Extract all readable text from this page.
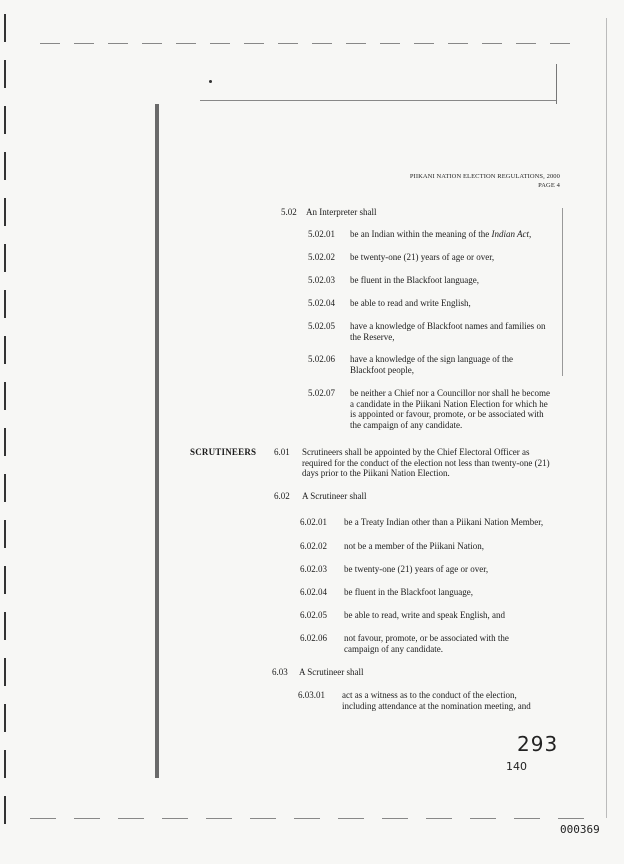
PIIKANI NATION ELECTION REGULATIONS, 2000
PAGE 4
5.02 An Interpreter shall
5.02.01 be an Indian within the meaning of the Indian Act,
5.02.02 be twenty-one (21) years of age or over,
5.02.03 be fluent in the Blackfoot language,
5.02.04 be able to read and write English,
5.02.05 have a knowledge of Blackfoot names and families on the Reserve,
5.02.06 have a knowledge of the sign language of the Blackfoot people,
5.02.07 be neither a Chief nor a Councillor nor shall he become a candidate in the Piikani Nation Election for which he is appointed or favour, promote, or be associated with the campaign of any candidate.
SCRUTINEERS 6.01 Scrutineers shall be appointed by the Chief Electoral Officer as required for the conduct of the election not less than twenty-one (21) days prior to the Piikani Nation Election.
6.02 A Scrutineer shall
6.02.01 be a Treaty Indian other than a Piikani Nation Member,
6.02.02 not be a member of the Piikani Nation,
6.02.03 be twenty-one (21) years of age or over,
6.02.04 be fluent in the Blackfoot language,
6.02.05 be able to read, write and speak English, and
6.02.06 not favour, promote, or be associated with the campaign of any candidate.
6.03 A Scrutineer shall
6.03.01 act as a witness as to the conduct of the election, including attendance at the nomination meeting, and
293
140
000369
